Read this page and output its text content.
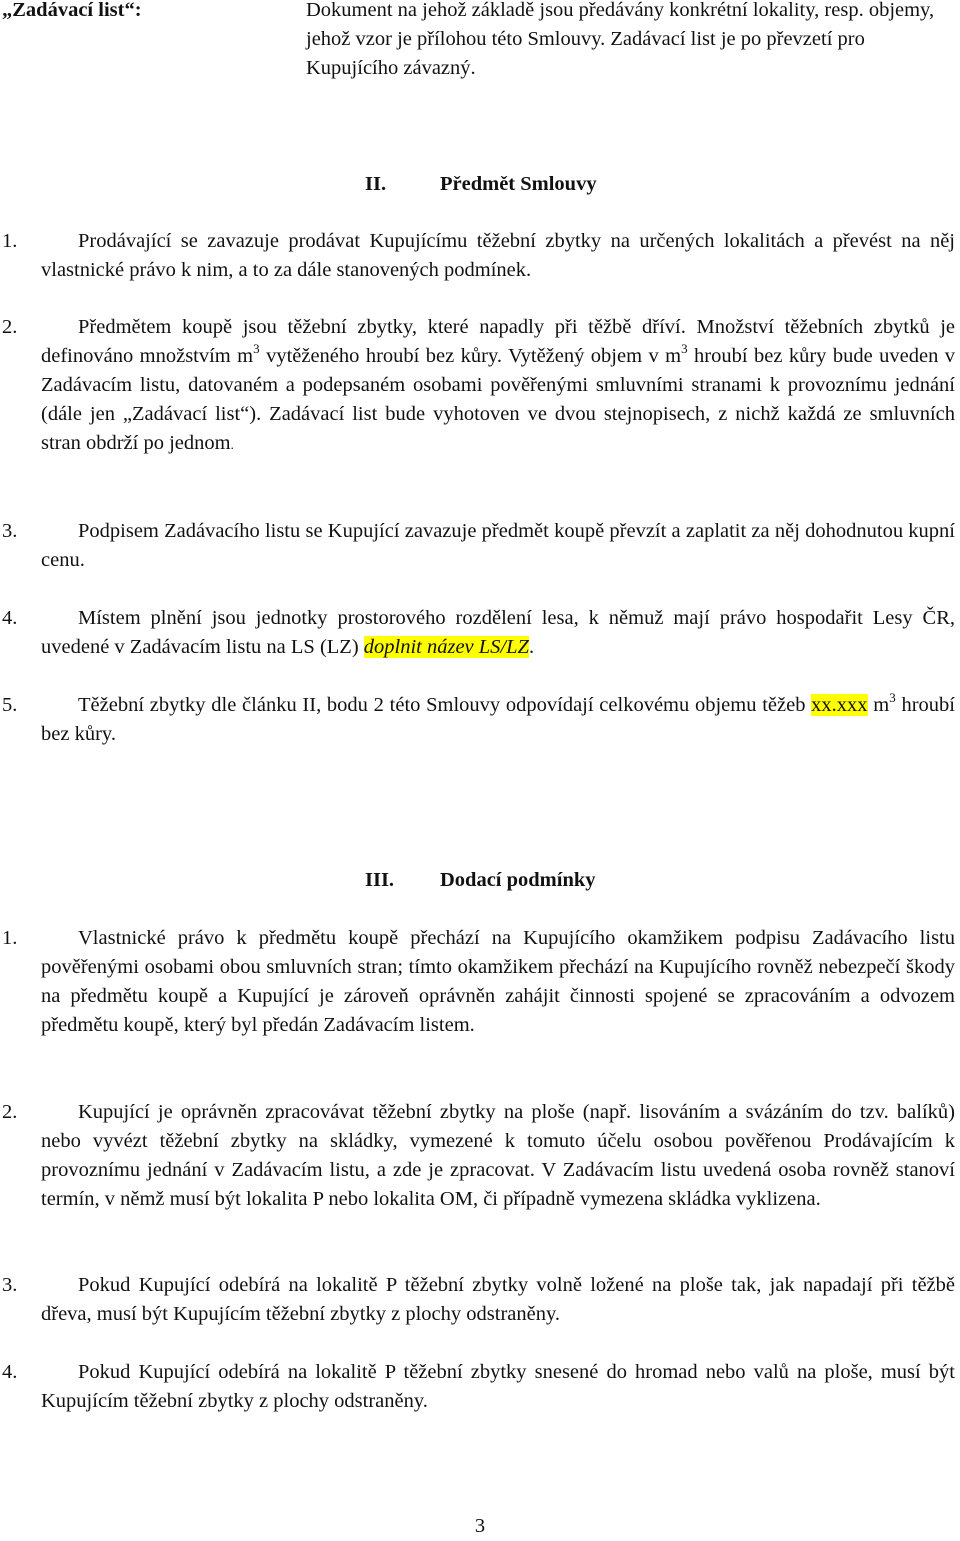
„Zadávací list“:	Dokument na jehož základě jsou předávány konkrétní lokality, resp. objemy, jehož vzor je přílohou této Smlouvy. Zadávací list je po převzetí pro Kupujícího závazný.
II.	Předmět Smlouvy
1.	Prodávající se zavazuje prodávat Kupujícímu těžební zbytky na určených lokalitách a převést na něj vlastnické právo k nim, a to za dále stanovených podmínek.
2.	Předmětem koupě jsou těžební zbytky, které napadly při těžbě dříví. Množství těžebních zbytků je definováno množstvím $m^3$ vytěženého hroubí bez kůry. Vytěžený objem v $m^3$ hroubí bez kůry bude uveden v Zadávacím listu, datovaném a podepsaném osobami pověřenými smluvními stranami k provoznímu jednání (dále jen „Zadávací list“). Zadávací list bude vyhotoven ve dvou stejnopisech, z nichž každá ze smluvních stran obdrží po jednom.
3.	Podpisem Zadávacího listu se Kupující zavazuje předmět koupě převzít a zaplatit za něj dohodnutou kupní cenu.
4.	Místem plnění jsou jednotky prostorového rozdělení lesa, k němuž mají právo hospodařit Lesy ČR, uvedené v Zadávacím listu na LS (LZ) doplnit název LS/LZ.
5.	Těžební zbytky dle článku II, bodu 2 této Smlouvy odpovídají celkovému objemu těžeb xx.xxx $m^3$ hroubí bez kůry.
III. Dodací podmínky
1.	Vlastnické právo k předmětu koupě přechází na Kupujícího okamžikem podpisu Zadávacího listu pověřenými osobami obou smluvních stran; tímto okamžikem přechází na Kupujícího rovněž nebezpečí škody na předmětu koupě a Kupující je zároveň oprávněn zahájit činnosti spojené se zpracováním a odvozem předmětu koupě, který byl předán Zadávacím listem.
2.	Kupující je oprávněn zpracovávat těžební zbytky na ploše (např. lisováním a svázáním do tzv. balíků) nebo vyvézt těžební zbytky na skládky, vymezené k tomuto účelu osobou pověřenou Prodávajícím k provoznímu jednání v Zadávacím listu, a zde je zpracovat. V Zadávacím listu uvedená osoba rovněž stanoví termín, v němž musí být lokalita P nebo lokalita OM, či případně vymezena skládka vyklizena.
3.	Pokud Kupující odebírá na lokalitě P těžební zbytky volně ložené na ploše tak, jak napadají při těžbě dřeva, musí být Kupujícím těžební zbytky z plochy odstraněny.
4.	Pokud Kupující odebírá na lokalitě P těžební zbytky snesené do hromad nebo valů na ploše, musí být Kupujícím těžební zbytky z plochy odstraněny.
3
